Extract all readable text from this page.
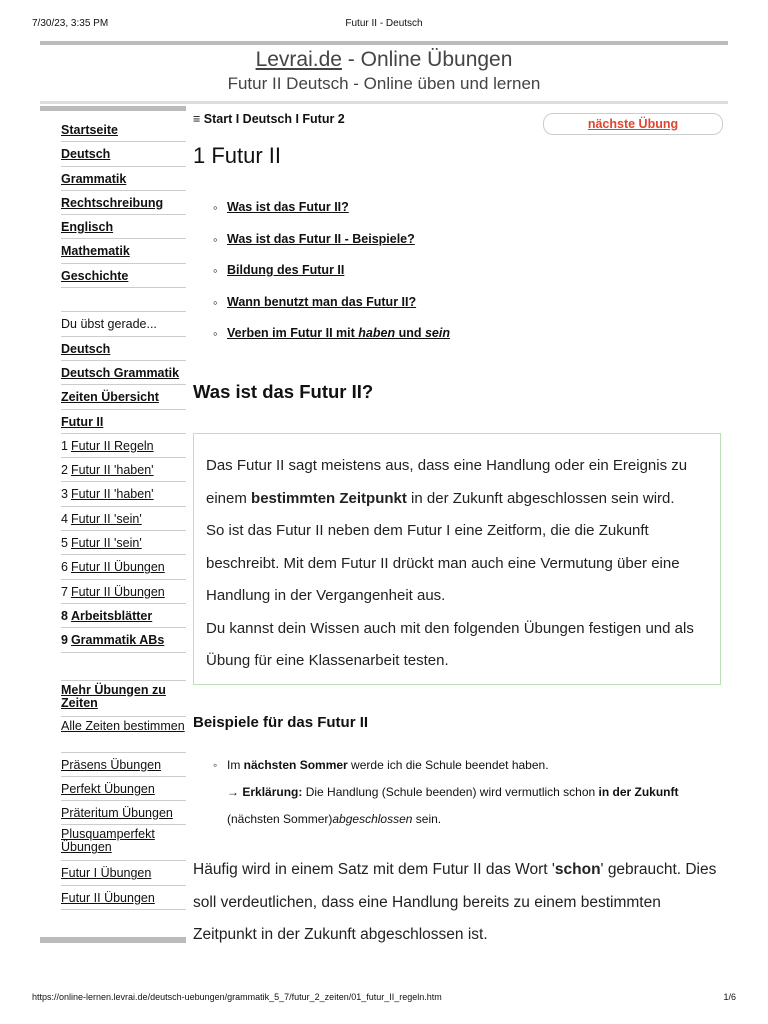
7/30/23, 3:35 PM	Futur II - Deutsch
Levrai.de - Online Übungen
Futur II Deutsch - Online üben und lernen
Startseite
Deutsch
Grammatik
Rechtschreibung
Englisch
Mathematik
Geschichte
Du übst gerade...
Deutsch
Deutsch Grammatik
Zeiten Übersicht
Futur II
1 Futur II Regeln
2 Futur II 'haben'
3 Futur II 'haben'
4 Futur II 'sein'
5 Futur II 'sein'
6 Futur II Übungen
7 Futur II Übungen
8 Arbeitsblätter
9 Grammatik ABs
Mehr Übungen zu Zeiten
Alle Zeiten bestimmen
Präsens Übungen
Perfekt Übungen
Präteritum Übungen
Plusquamperfekt Übungen
Futur I Übungen
Futur II Übungen
≡ Start I Deutsch I Futur 2	nächste Übung
1 Futur II
◦ Was ist das Futur II?
◦ Was ist das Futur II - Beispiele?
◦ Bildung des Futur II
◦ Wann benutzt man das Futur II?
◦ Verben im Futur II mit haben und sein
Was ist das Futur II?
Das Futur II sagt meistens aus, dass eine Handlung oder ein Ereignis zu einem bestimmten Zeitpunkt in der Zukunft abgeschlossen sein wird.
So ist das Futur II neben dem Futur I eine Zeitform, die die Zukunft beschreibt. Mit dem Futur II drückt man auch eine Vermutung über eine Handlung in der Vergangenheit aus.
Du kannst dein Wissen auch mit den folgenden Übungen festigen und als Übung für eine Klassenarbeit testen.
Beispiele für das Futur II
◦ Im nächsten Sommer werde ich die Schule beendet haben.
→ Erklärung: Die Handlung (Schule beenden) wird vermutlich schon in der Zukunft (nächsten Sommer)abgeschlossen sein.
Häufig wird in einem Satz mit dem Futur II das Wort 'schon' gebraucht. Dies soll verdeutlichen, dass eine Handlung bereits zu einem bestimmten Zeitpunkt in der Zukunft abgeschlossen ist.
https://online-lernen.levrai.de/deutsch-uebungen/grammatik_5_7/futur_2_zeiten/01_futur_II_regeln.htm	1/6
